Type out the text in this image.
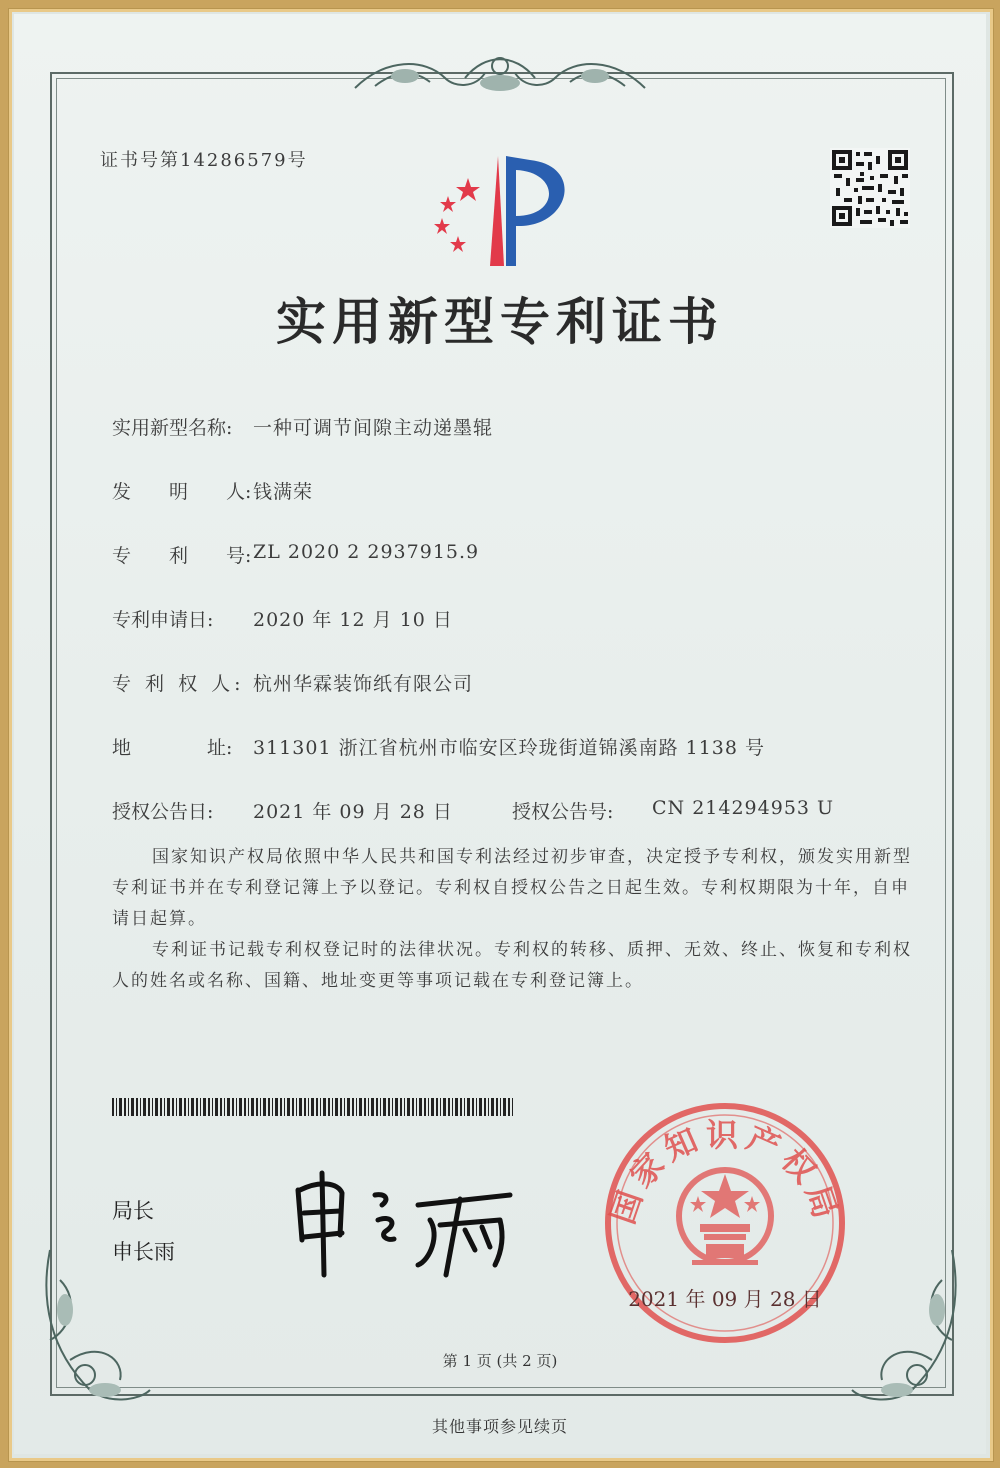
证书号第14286579号
实用新型专利证书
实用新型名称: 一种可调节间隙主动递墨辊
发　　明　　人: 钱满荣
专　　利　　号: ZL 2020 2 2937915.9
专利申请日: 2020 年 12 月 10 日
专 利 权 人: 杭州华霖装饰纸有限公司
地　　　　址: 311301 浙江省杭州市临安区玲珑街道锦溪南路 1138 号
授权公告日: 2021 年 09 月 28 日	授权公告号: CN 214294953 U
国家知识产权局依照中华人民共和国专利法经过初步审查，决定授予专利权，颁发实用新型专利证书并在专利登记簿上予以登记。专利权自授权公告之日起生效。专利权期限为十年，自申请日起算。
专利证书记载专利权登记时的法律状况。专利权的转移、质押、无效、终止、恢复和专利权人的姓名或名称、国籍、地址变更等事项记载在专利登记簿上。
局长
申长雨
2021 年 09 月 28 日
国家知识产权局
第 1 页 (共 2 页)
其他事项参见续页
